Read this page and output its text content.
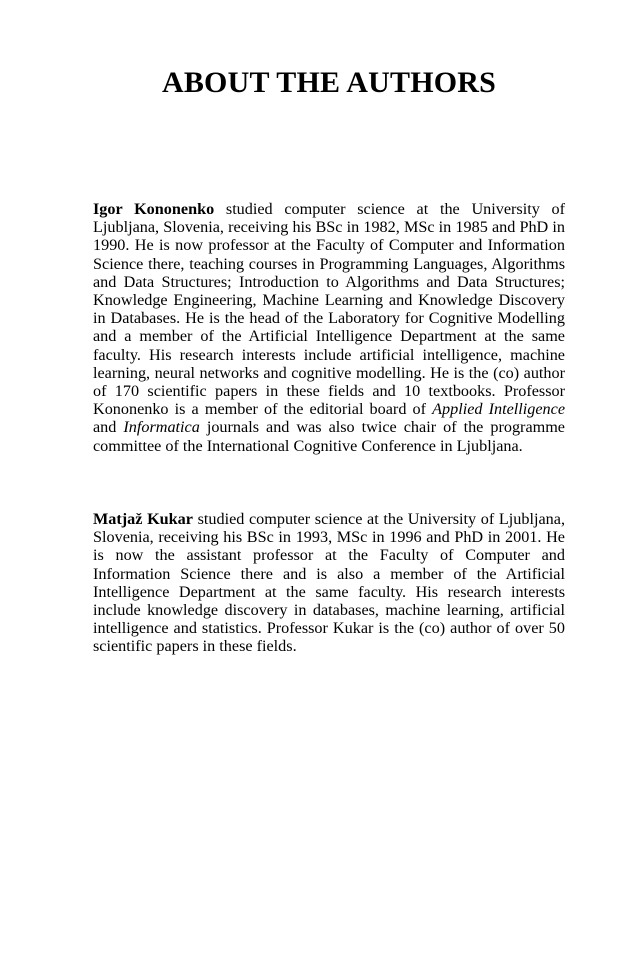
ABOUT THE AUTHORS

Igor Kononenko studied computer science at the University of Ljubljana, Slovenia, receiving his BSc in 1982, MSc in 1985 and PhD in 1990. He is now professor at the Faculty of Computer and Information Science there, teaching courses in Programming Languages, Algorithms and Data Structures; Introduction to Algorithms and Data Structures; Knowledge Engineering, Machine Learning and Knowledge Discovery in Databases. He is the head of the Laboratory for Cognitive Modelling and a member of the Artificial Intelligence Department at the same faculty. His research interests include artificial intelligence, machine learning, neural networks and cognitive modelling. He is the (co) author of 170 scientific papers in these fields and 10 textbooks. Professor Kononenko is a member of the editorial board of Applied Intelligence and Informatica journals and was also twice chair of the programme committee of the International Cognitive Conference in Ljubljana.

Matjaž Kukar studied computer science at the University of Ljubljana, Slovenia, receiving his BSc in 1993, MSc in 1996 and PhD in 2001. He is now the assistant professor at the Faculty of Computer and Information Science there and is also a member of the Artificial Intelligence Department at the same faculty. His research interests include knowledge discovery in databases, machine learning, artificial intelligence and statistics. Professor Kukar is the (co) author of over 50 scientific papers in these fields.
